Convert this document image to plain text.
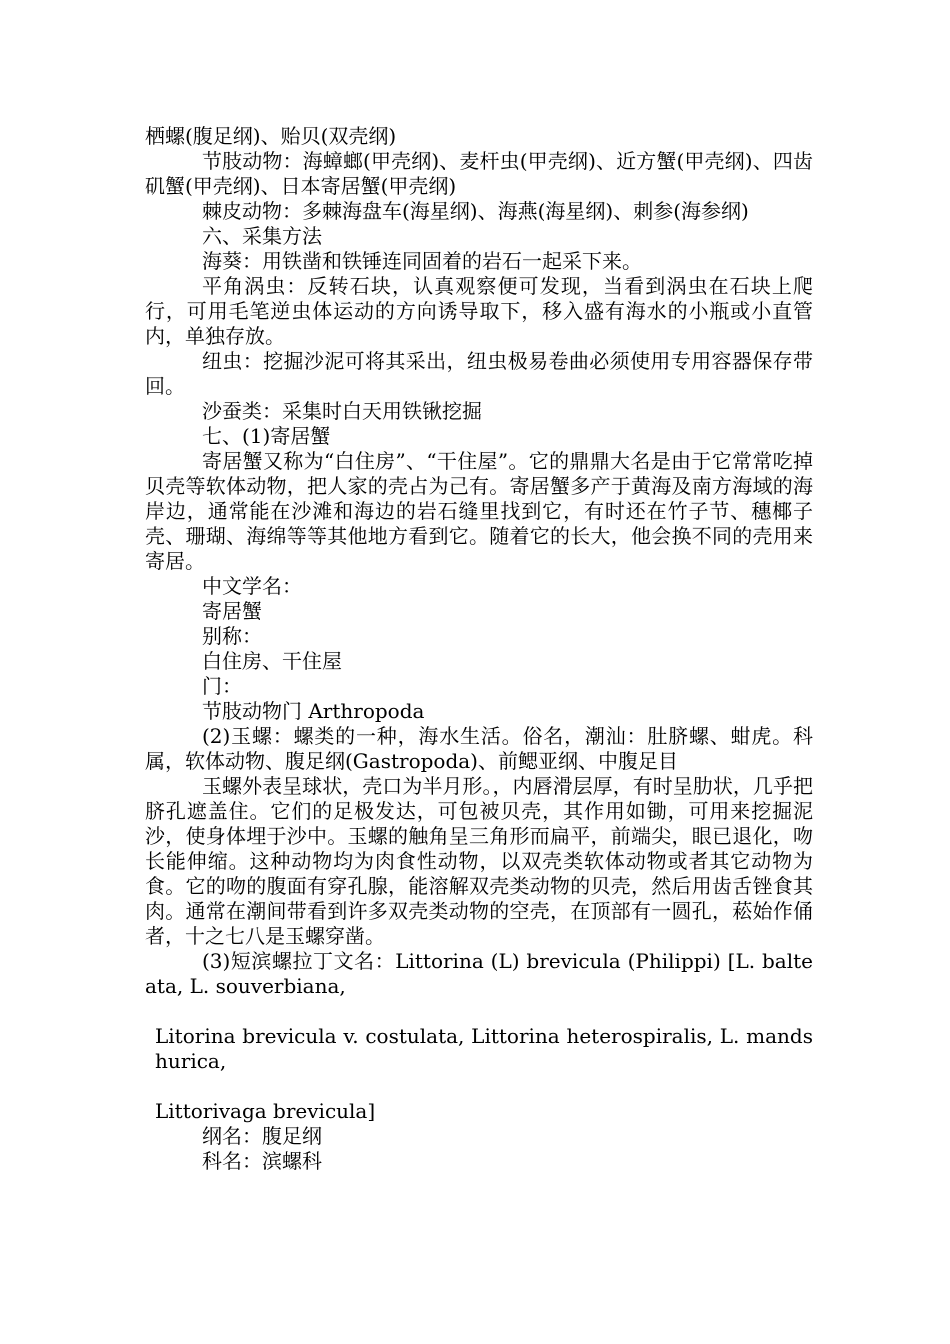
栖螺(腹足纲)、贻贝(双壳纲)

节肢动物：海蟑螂(甲壳纲)、麦杆虫(甲壳纲)、近方蟹(甲壳纲)、四齿矶蟹(甲壳纲)、日本寄居蟹(甲壳纲)

棘皮动物：多棘海盘车(海星纲)、海燕(海星纲)、刺参(海参纲)

六、采集方法

海葵：用铁凿和铁锤连同固着的岩石一起采下来。

平角涡虫：反转石块，认真观察便可发现，当看到涡虫在石块上爬行，可用毛笔逆虫体运动的方向诱导取下，移入盛有海水的小瓶或小直管内，单独存放。

纽虫：挖掘沙泥可将其采出，纽虫极易卷曲必须使用专用容器保存带回。

沙蚕类：采集时白天用铁锹挖掘

七、(1)寄居蟹

寄居蟹又称为“白住房”、“干住屋”。它的鼎鼎大名是由于它常常吃掉贝壳等软体动物，把人家的壳占为己有。寄居蟹多产于黄海及南方海域的海岸边，通常能在沙滩和海边的岩石缝里找到它，有时还在竹子节、穗椰子壳、珊瑚、海绵等等其他地方看到它。随着它的长大，他会换不同的壳用来寄居。

中文学名：

寄居蟹

别称：

白住房、干住屋

门：

节肢动物门 Arthropoda

(2)玉螺：螺类的一种，海水生活。俗名，潮汕：肚脐螺、蚶虎。科属，软体动物、腹足纲(Gastropoda)、前鳃亚纲、中腹足目

玉螺外表呈球状，壳口为半月形。，内唇滑层厚，有时呈肋状，几乎把脐孔遮盖住。它们的足极发达，可包被贝壳，其作用如锄，可用来挖掘泥沙，使身体埋于沙中。玉螺的触角呈三角形而扁平，前端尖，眼已退化，吻长能伸缩。这种动物均为肉食性动物，以双壳类软体动物或者其它动物为食。它的吻的腹面有穿孔腺，能溶解双壳类动物的贝壳，然后用齿舌锉食其肉。通常在潮间带看到许多双壳类动物的空壳，在顶部有一圆孔，菘始作俑者，十之七八是玉螺穿凿。

(3)短滨螺拉丁文名：Littorina (L) brevicula (Philippi) [L. balteata, L. souverbiana,

Litorina brevicula v. costulata, Littorina heterospiralis, L. mandshurica,

Littorivaga brevicula]

纲名：腹足纲

科名：滨螺科
